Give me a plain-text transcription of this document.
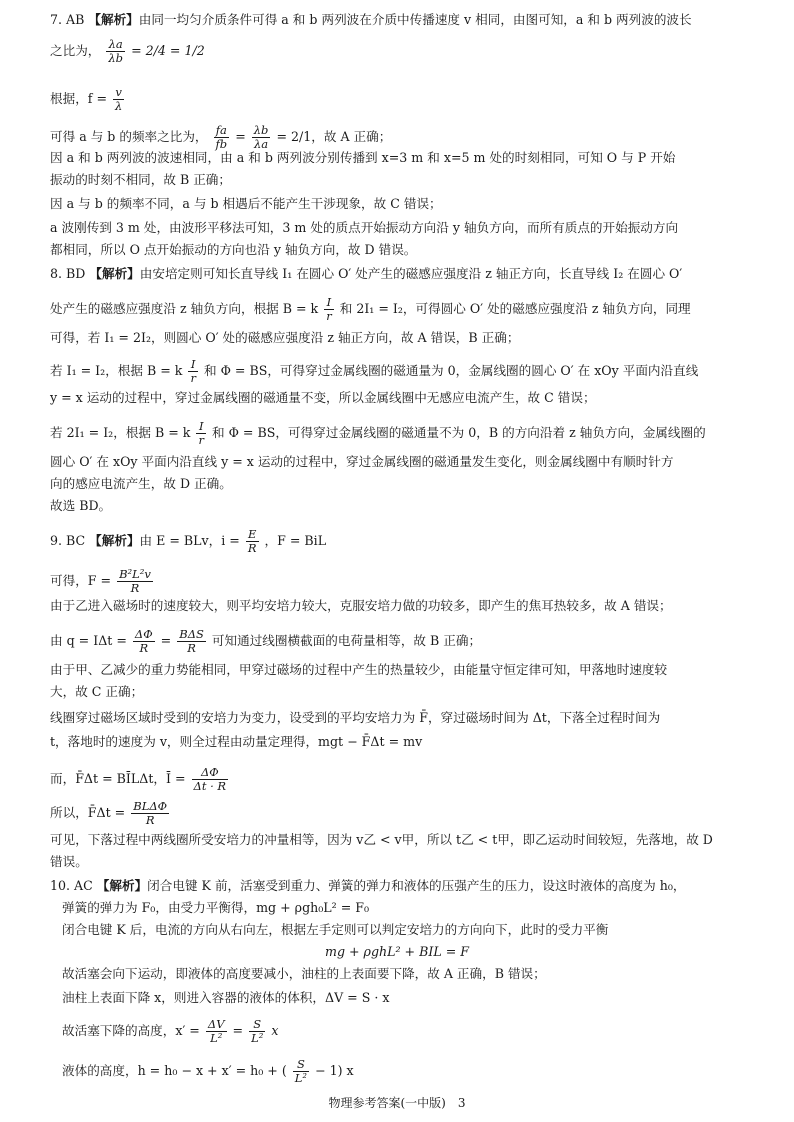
7. AB 【解析】由同一均匀介质条件可得 a 和 b 两列波在介质中传播速度 v 相同，由图可知，a 和 b 两列波的波长
之比为， $\frac{\lambda a}{\lambda b} = 2/4 = 1/2$
根据，$f = \frac{v}{\lambda}$
可得 a 与 b 的频率之比为， $\frac{fa}{fb} = \frac{\lambda b}{\lambda a} = 2/1$，故 A 正确；
因 a 和 b 两列波的波速相同，由 a 和 b 两列波分别传播到 x=3 m 和 x=5 m 处的时刻相同，可知 O 与 P 开始
振动的时刻不相同，故 B 正确；
因 a 与 b 的频率不同，a 与 b 相遇后不能产生干涉现象，故 C 错误；
a 波刚传到 3 m 处，由波形平移法可知，3 m 处的质点开始振动方向沿 y 轴负方向，而所有质点的开始振动方向
都相同，所以 O 点开始振动的方向也沿 y 轴负方向，故 D 错误。
8. BD 【解析】由安培定则可知长直导线 I₁ 在圆心 O′ 处产生的磁感应强度沿 z 轴正方向，长直导线 I₂ 在圆心 O′
处产生的磁感应强度沿 z 轴负方向，根据 B = k $\frac{I}{r}$ 和 2I₁ = I₂，可得圆心 O′ 处的磁感应强度沿 z 轴负方向，同理
可得，若 I₁ = 2I₂，则圆心 O′ 处的磁感应强度沿 z 轴正方向，故 A 错误，B 正确；
若 I₁ = I₂，根据 B = k $\frac{I}{r}$ 和 Φ = BS，可得穿过金属线圈的磁通量为 0，金属线圈的圆心 O′ 在 xOy 平面内沿直线
y = x 运动的过程中，穿过金属线圈的磁通量不变，所以金属线圈中无感应电流产生，故 C 错误；
若 2I₁ = I₂，根据 B = k $\frac{I}{r}$ 和 Φ = BS，可得穿过金属线圈的磁通量不为 0，B 的方向沿着 z 轴负方向，金属线圈的
圆心 O′ 在 xOy 平面内沿直线 y = x 运动的过程中，穿过金属线圈的磁通量发生变化，则金属线圈中有顺时针方
向的感应电流产生，故 D 正确。
故选 BD。
9. BC 【解析】由 E = BLv，$i = \frac{E}{R}$ ，F = BiL
可得，$F = \frac{\text{B²L²v}}{R}$
由于乙进入磁场时的速度较大，则平均安培力较大，克服安培力做的功较多，即产生的焦耳热较多，故 A 错误；
由 $q = I\Delta t = \frac{\Delta\Phi}{R} = \frac{\text{BΔS}}{R}$ 可知通过线圈横截面的电荷量相等，故 B 正确；
由于甲、乙减少的重力势能相同，甲穿过磁场的过程中产生的热量较少，由能量守恒定律可知，甲落地时速度较
大，故 C 正确；
线圈穿过磁场区域时受到的安培力为变力，设受到的平均安培力为 F̄，穿过磁场时间为 Δt，下落全过程时间为
t，落地时的速度为 v，则全过程由动量定理得，mgt − F̄Δt = mv
而，F̄Δt = BĪLΔt，Ī = $\frac{\Delta\Phi}{\Delta t \cdot R}$
所以，F̄Δt = $\frac{\text{BLΔΦ}}{R}$
可见，下落过程中两线圈所受安培力的冲量相等，因为 v乙 < v甲，所以 t乙 < t甲，即乙运动时间较短，先落地，故 D
错误。
10. AC 【解析】闭合电键 K 前，活塞受到重力、弹簧的弹力和液体的压强产生的压力，设这时液体的高度为 h₀，
弹簧的弹力为 F₀，由受力平衡得，mg + ρgh₀L² = F₀
闭合电键 K 后，电流的方向从右向左，根据左手定则可以判定安培力的方向向下，此时的受力平衡
mg + ρghL² + BIL = F
故活塞会向下运动，即液体的高度要减小，油柱的上表面要下降，故 A 正确，B 错误；
油柱上表面下降 x，则进入容器的液体的体积，ΔV = S · x
故活塞下降的高度，$x' = \frac{\Delta V}{\text{L²}} = \frac{S}{\text{L²}}$ x
液体的高度，h = h₀ − x + x′ = h₀ + ( $\frac{S}{\text{L²}} - 1$) x
物理参考答案(一中版)　3
